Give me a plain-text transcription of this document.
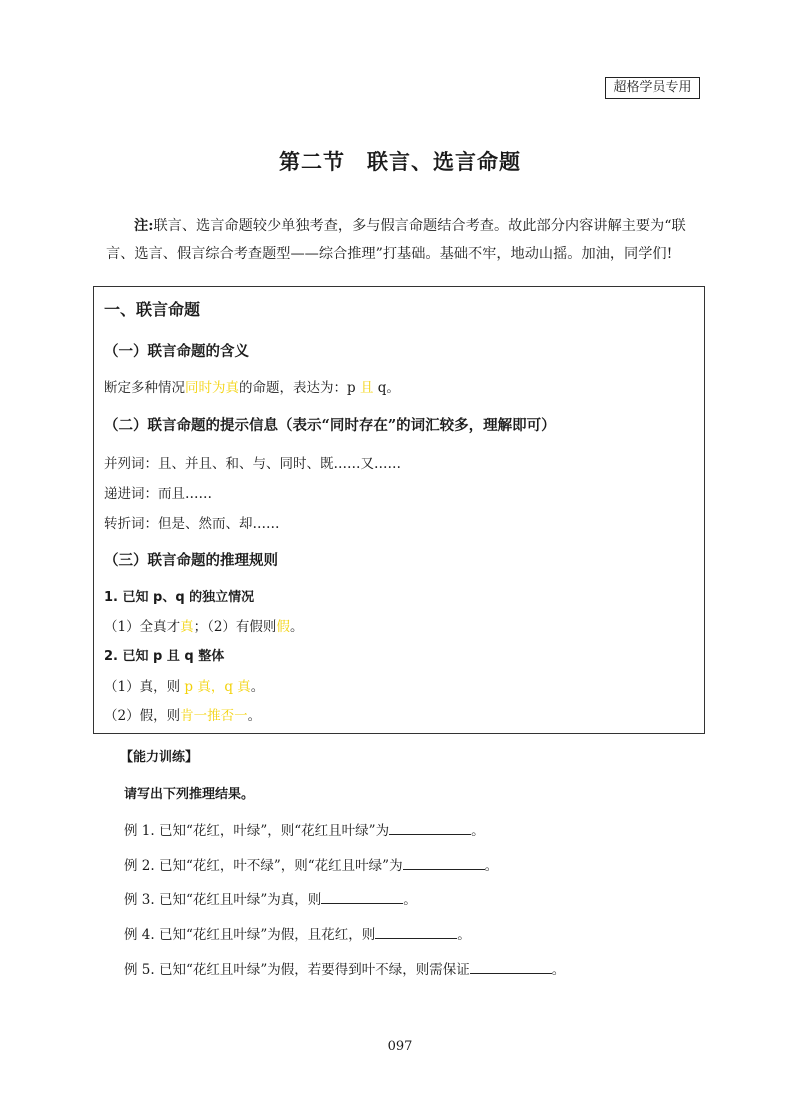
超格学员专用
第二节　联言、选言命题
注:联言、选言命题较少单独考查，多与假言命题结合考查。故此部分内容讲解主要为“联言、选言、假言综合考查题型——综合推理”打基础。基础不牢，地动山摇。加油，同学们!
一、联言命题
（一）联言命题的含义
断定多种情况同时为真的命题，表达为：p 且 q。
（二）联言命题的提示信息（表示“同时存在”的词汇较多，理解即可）
并列词：且、并且、和、与、同时、既……又……
递进词：而且……
转折词：但是、然而、却……
（三）联言命题的推理规则
1. 已知 p、q 的独立情况
（1）全真才真；（2）有假则假。
2. 已知 p 且 q 整体
（1）真，则 p 真，q 真。
（2）假，则肯一推否一。
【能力训练】
请写出下列推理结果。
例 1. 已知“花红，叶绿”，则“花红且叶绿”为	。
例 2. 已知“花红，叶不绿”，则“花红且叶绿”为	。
例 3. 已知“花红且叶绿”为真，则	。
例 4. 已知“花红且叶绿”为假，且花红，则	。
例 5. 已知“花红且叶绿”为假，若要得到叶不绿，则需保证	。
097
